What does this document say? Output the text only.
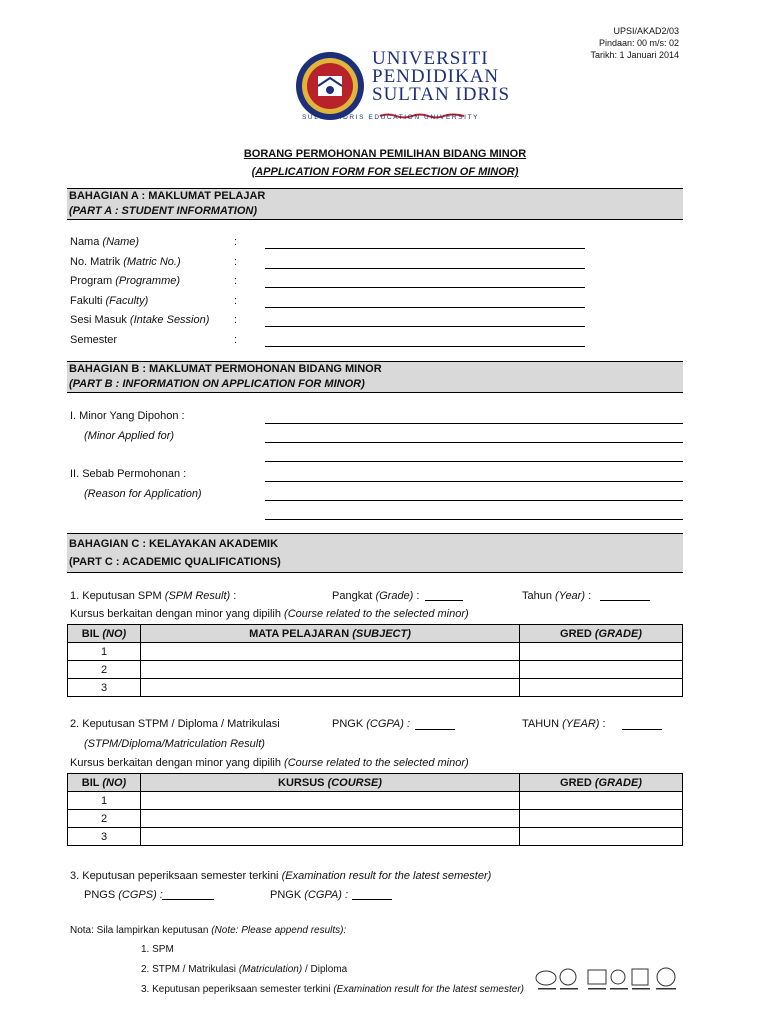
UPSI/AKAD2/03
Pindaan: 00 m/s: 02
Tarikh: 1 Januari 2014
UNIVERSITI
PENDIDIKAN
SULTAN IDRIS
SULTAN IDRIS EDUCATION UNIVERSITY
BORANG PERMOHONAN PEMILIHAN BIDANG MINOR
(APPLICATION FORM FOR SELECTION OF MINOR)
BAHAGIAN A : MAKLUMAT PELAJAR
(PART A : STUDENT INFORMATION)
Nama (Name)	:
No. Matrik (Matric No.)	:
Program (Programme)	:
Fakulti (Faculty)	:
Sesi Masuk (Intake Session) :
Semester	:
BAHAGIAN B : MAKLUMAT PERMOHONAN BIDANG MINOR
(PART B : INFORMATION ON APPLICATION FOR MINOR)
I. Minor Yang Dipohon :
(Minor Applied for)
II. Sebab Permohonan :
(Reason for Application)
BAHAGIAN C : KELAYAKAN AKADEMIK
(PART C : ACADEMIC QUALIFICATIONS)
1. Keputusan SPM (SPM Result) :	Pangkat (Grade) :	Tahun (Year) :
Kursus berkaitan dengan minor yang dipilih (Course related to the selected minor)
BIL (NO)	MATA PELAJARAN (SUBJECT)	GRED (GRADE)
1		
2		
3		
2. Keputusan STPM / Diploma / Matrikulasi
(STPM/Diploma/Matriculation Result)
PNGK (CGPA) :	TAHUN (YEAR) :
Kursus berkaitan dengan minor yang dipilih (Course related to the selected minor)
BIL (NO)	KURSUS (COURSE)	GRED (GRADE)
1		
2		
3		
3. Keputusan peperiksaan semester terkini (Examination result for the latest semester)
PNGS (CGPS) :	PNGK (CGPA) :
Nota: Sila lampirkan keputusan (Note: Please append results):
1. SPM
2. STPM / Matrikulasi (Matriculation) / Diploma
3. Keputusan peperiksaan semester terkini (Examination result for the latest semester)
